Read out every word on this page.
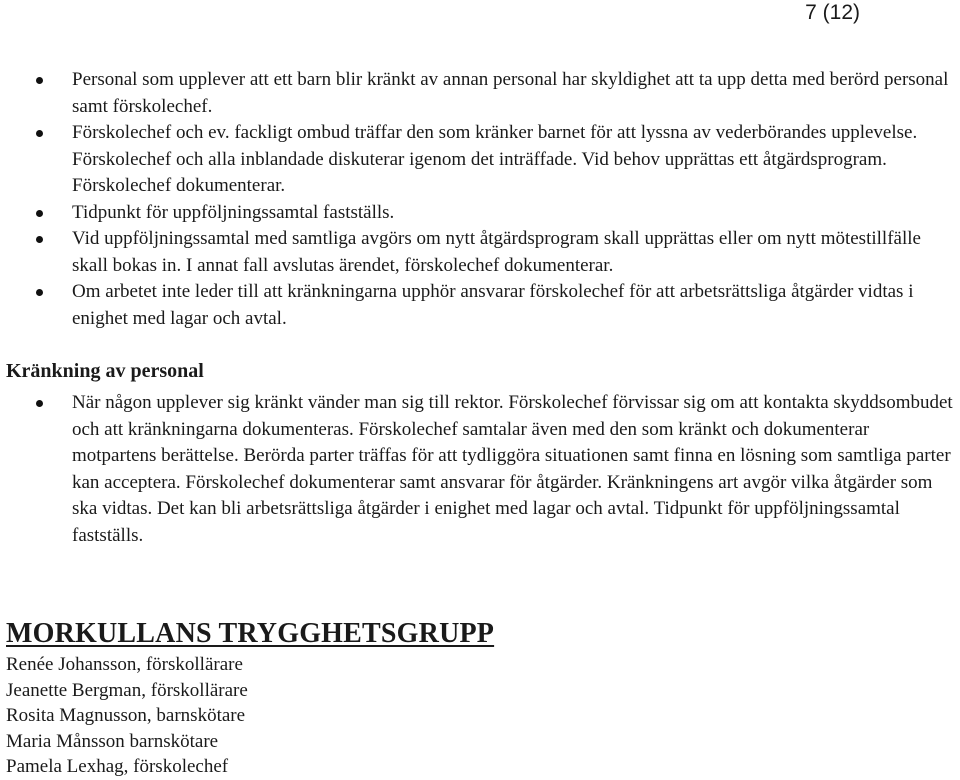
7 (12)
Personal som upplever att ett barn blir kränkt av annan personal har skyldighet att ta upp detta med berörd personal samt förskolechef.
Förskolechef och ev. fackligt ombud träffar den som kränker barnet för att lyssna av vederbörandes upplevelse. Förskolechef och alla inblandade diskuterar igenom det inträffade. Vid behov upprättas ett åtgärdsprogram. Förskolechef dokumenterar.
Tidpunkt för uppföljningssamtal fastställs.
Vid uppföljningssamtal med samtliga avgörs om nytt åtgärdsprogram skall upprättas eller om nytt mötestillfälle skall bokas in. I annat fall avslutas ärendet, förskolechef dokumenterar.
Om arbetet inte leder till att kränkningarna upphör ansvarar förskolechef för att arbetsrättsliga åtgärder vidtas i enighet med lagar och avtal.
Kränkning av personal
När någon upplever sig kränkt vänder man sig till rektor. Förskolechef förvissar sig om att kontakta skyddsombudet och att kränkningarna dokumenteras. Förskolechef samtalar även med den som kränkt och dokumenterar motpartens berättelse. Berörda parter träffas för att tydliggöra situationen samt finna en lösning som samtliga parter kan acceptera. Förskolechef dokumenterar samt ansvarar för åtgärder. Kränkningens art avgör vilka åtgärder som ska vidtas. Det kan bli arbetsrättsliga åtgärder i enighet med lagar och avtal. Tidpunkt för uppföljningssamtal fastställs.
MORKULLANS TRYGGHETSGRUPP
Renée Johansson, förskollärare
Jeanette Bergman, förskollärare
Rosita Magnusson, barnskötare
Maria Månsson barnskötare
Pamela Lexhag, förskolechef
